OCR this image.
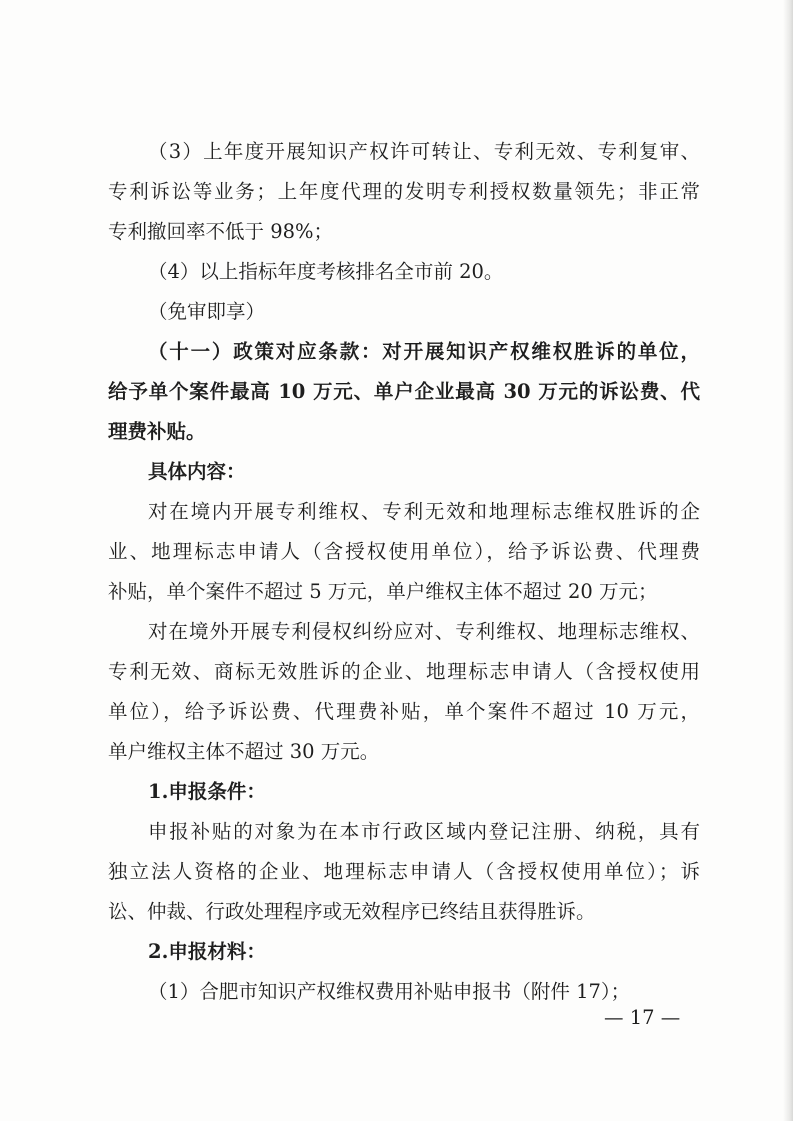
（3）上年度开展知识产权许可转让、专利无效、专利复审、

专利诉讼等业务；上年度代理的发明专利授权数量领先；非正常

专利撤回率不低于 98%；

（4）以上指标年度考核排名全市前 20。

（免审即享）

（十一）政策对应条款：对开展知识产权维权胜诉的单位，

给予单个案件最高 10 万元、单户企业最高 30 万元的诉讼费、代

理费补贴。

具体内容：

对在境内开展专利维权、专利无效和地理标志维权胜诉的企

业、地理标志申请人（含授权使用单位），给予诉讼费、代理费

补贴，单个案件不超过 5 万元，单户维权主体不超过 20 万元；

对在境外开展专利侵权纠纷应对、专利维权、地理标志维权、

专利无效、商标无效胜诉的企业、地理标志申请人（含授权使用

单位），给予诉讼费、代理费补贴，单个案件不超过 10 万元，

单户维权主体不超过 30 万元。

1.申报条件：

申报补贴的对象为在本市行政区域内登记注册、纳税，具有

独立法人资格的企业、地理标志申请人（含授权使用单位）；诉

讼、仲裁、行政处理程序或无效程序已终结且获得胜诉。

2.申报材料：

（1）合肥市知识产权维权费用补贴申报书（附件 17）；

— 17 —
